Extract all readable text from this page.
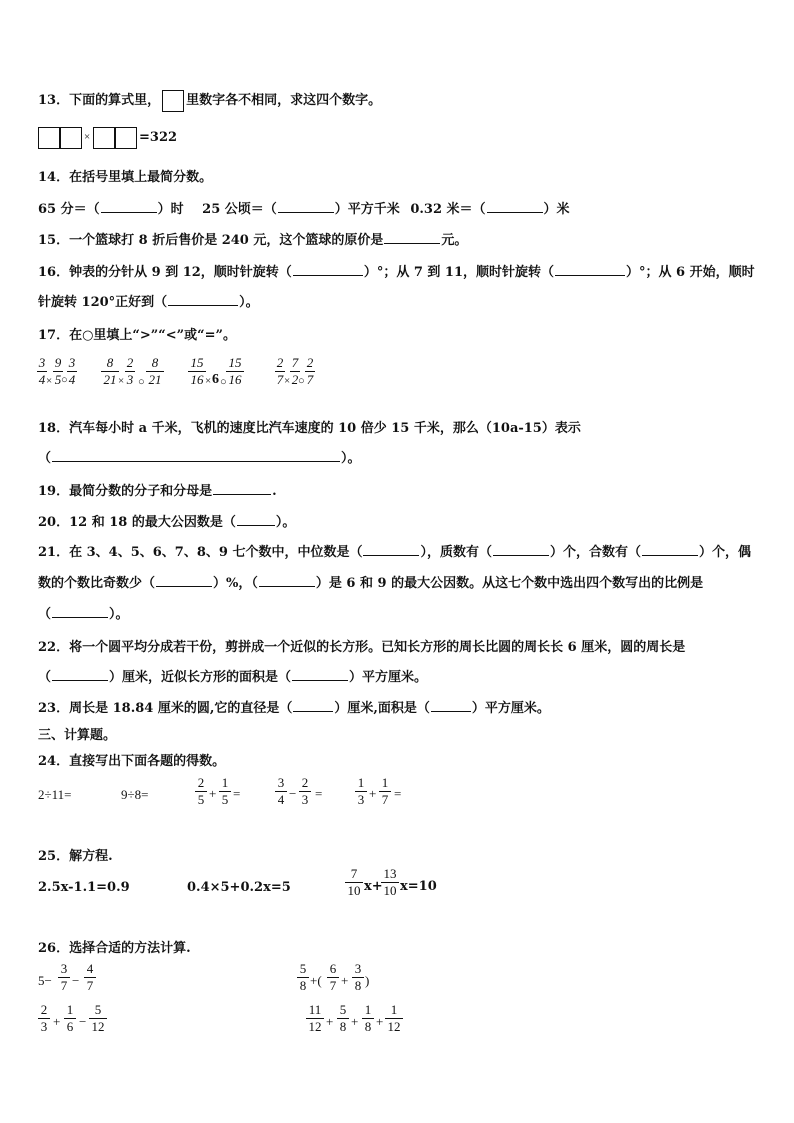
13．下面的算式里， 里数字各不相同，求这四个数字。
×	=322
14．在括号里填上最简分数。
65 分＝（	）时 25 公顷＝（	）平方千米 0.32 米＝（	）米
15．一个篮球打 8 折后售价是 240 元，这个篮球的原价是	元。
16．钟表的分针从 9 到 12，顺时针旋转（	）°；从 7 到 11，顺时针旋转（	）°；从 6 开始，顺时
针旋转 120°正好到（	）。
17．在○里填上“>”“<”或“=”。
3
4 ×
9
5 ○
3
4
8
21 ×
2
3 ○
8
21
15
16 × 6 ○
15
16
2
7 ×
7
2 ○
2
7
18．汽车每小时 a 千米，飞机的速度比汽车速度的 10 倍少 15 千米，那么（10a-15）表示
（	）。
19．最简分数的分子和分母是	.
20．12 和 18 的最大公因数是（	）。
21．在 3、4、5、6、7、8、9 七个数中，中位数是（	），质数有（	）个，合数有（	）个，偶
数的个数比奇数少（	）%，（	）是 6 和 9 的最大公因数。从这七个数中选出四个数写出的比例是
（	）。
22．将一个圆平均分成若干份，剪拼成一个近似的长方形。已知长方形的周长比圆的周长长 6 厘米，圆的周长是
（	）厘米，近似长方形的面积是（	）平方厘米。
23．周长是 18.84 厘米的圆,它的直径是（	）厘米,面积是（	）平方厘米。
三、计算题。
24．直接写出下面各题的得数。
2÷11=	9÷8=
2
5 +
1
5 =
3
4 −
2
3 =
1
3 +
1
7 =
25．解方程.
2.5x-1.1=0.9	0.4×5+0.2x=5
7
10 x+
13
10 x=10
26．选择合适的方法计算.
5−
3
7 −
4
7
5
8 +(
6
7 +
3
8 )
2
3 +
1
6 −
5
12
11
12 +
5
8 +
1
8 +
1
12
